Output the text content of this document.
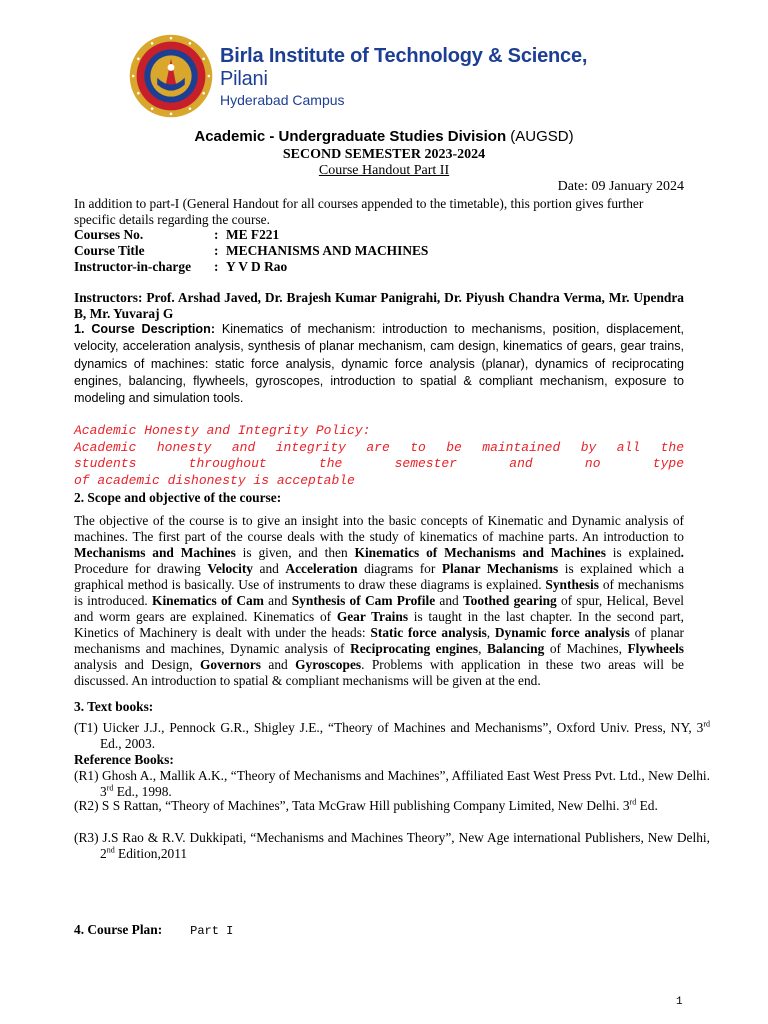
Birla Institute of Technology & Science, Pilani
Hyderabad Campus
Academic - Undergraduate Studies Division (AUGSD)
SECOND SEMESTER 2023-2024
Course Handout Part II
Date: 09 January 2024
In addition to part-I (General Handout for all courses appended to the timetable), this portion gives further specific details regarding the course.
Courses No.	: ME F221
Course Title	: MECHANISMS AND MACHINES
Instructor-in-charge	: Y V D Rao
Instructors: Prof. Arshad Javed, Dr. Brajesh Kumar Panigrahi, Dr. Piyush Chandra Verma, Mr. Upendra B, Mr. Yuvaraj G
1. Course Description: Kinematics of mechanism: introduction to mechanisms, position, displacement, velocity, acceleration analysis, synthesis of planar mechanism, cam design, kinematics of gears, gear trains, dynamics of machines: static force analysis, dynamic force analysis (planar), dynamics of reciprocating engines, balancing, flywheels, gyroscopes, introduction to spatial & compliant mechanism, exposure to modeling and simulation tools.
Academic Honesty and Integrity Policy:
Academic honesty and integrity are to be maintained by all the
students throughout the semester and no type
of academic dishonesty is acceptable
2. Scope and objective of the course:
The objective of the course is to give an insight into the basic concepts of Kinematic and Dynamic analysis of machines. The first part of the course deals with the study of kinematics of machine parts. An introduction to Mechanisms and Machines is given, and then Kinematics of Mechanisms and Machines is explained. Procedure for drawing Velocity and Acceleration diagrams for Planar Mechanisms is explained which a graphical method is basically. Use of instruments to draw these diagrams is explained. Synthesis of mechanisms is introduced. Kinematics of Cam and Synthesis of Cam Profile and Toothed gearing of spur, Helical, Bevel and worm gears are explained. Kinematics of Gear Trains is taught in the last chapter. In the second part, Kinetics of Machinery is dealt with under the heads: Static force analysis, Dynamic force analysis of planar mechanisms and machines, Dynamic analysis of Reciprocating engines, Balancing of Machines, Flywheels analysis and Design, Governors and Gyroscopes. Problems with application in these two areas will be discussed. An introduction to spatial & compliant mechanisms will be given at the end.
3. Text books:
(T1) Uicker J.J., Pennock G.R., Shigley J.E., “Theory of Machines and Mechanisms”, Oxford Univ. Press, NY, 3rd Ed., 2003.
Reference Books:
(R1) Ghosh A., Mallik A.K., “Theory of Mechanisms and Machines”, Affiliated East West Press Pvt. Ltd., New Delhi. 3rd Ed., 1998.
(R2) S S Rattan, “Theory of Machines”, Tata McGraw Hill publishing Company Limited, New Delhi. 3rd Ed.
(R3) J.S Rao & R.V. Dukkipati, “Mechanisms and Machines Theory”, New Age international Publishers, New Delhi, 2nd Edition,2011
4. Course Plan: Part I
1
